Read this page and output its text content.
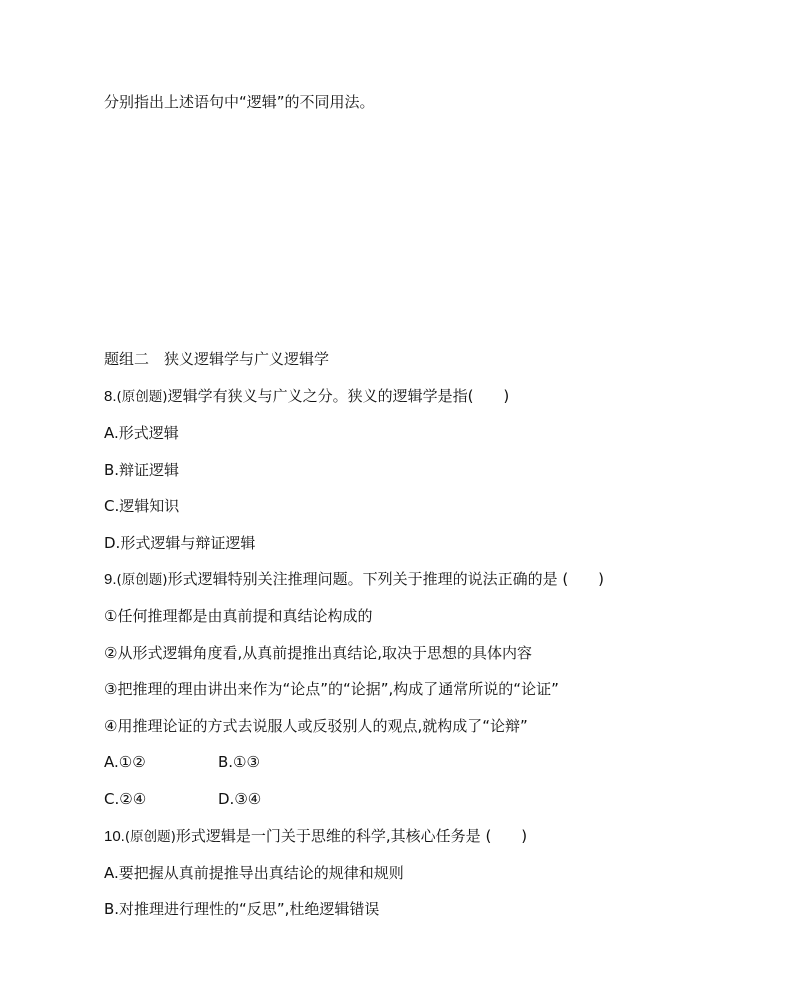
分别指出上述语句中“逻辑”的不同用法。
题组二　狭义逻辑学与广义逻辑学
8.(原创题)逻辑学有狭义与广义之分。狭义的逻辑学是指(　　)
A.形式逻辑
B.辩证逻辑
C.逻辑知识
D.形式逻辑与辩证逻辑
9.(原创题)形式逻辑特别关注推理问题。下列关于推理的说法正确的是 (　　)
①任何推理都是由真前提和真结论构成的
②从形式逻辑角度看,从真前提推出真结论,取决于思想的具体内容
③把推理的理由讲出来作为“论点”的“论据”,构成了通常所说的“论证”
④用推理论证的方式去说服人或反驳别人的观点,就构成了“论辩”
A.①②	B.①③
C.②④	D.③④
10.(原创题)形式逻辑是一门关于思维的科学,其核心任务是 (　　)
A.要把握从真前提推导出真结论的规律和规则
B.对推理进行理性的“反思”,杜绝逻辑错误
